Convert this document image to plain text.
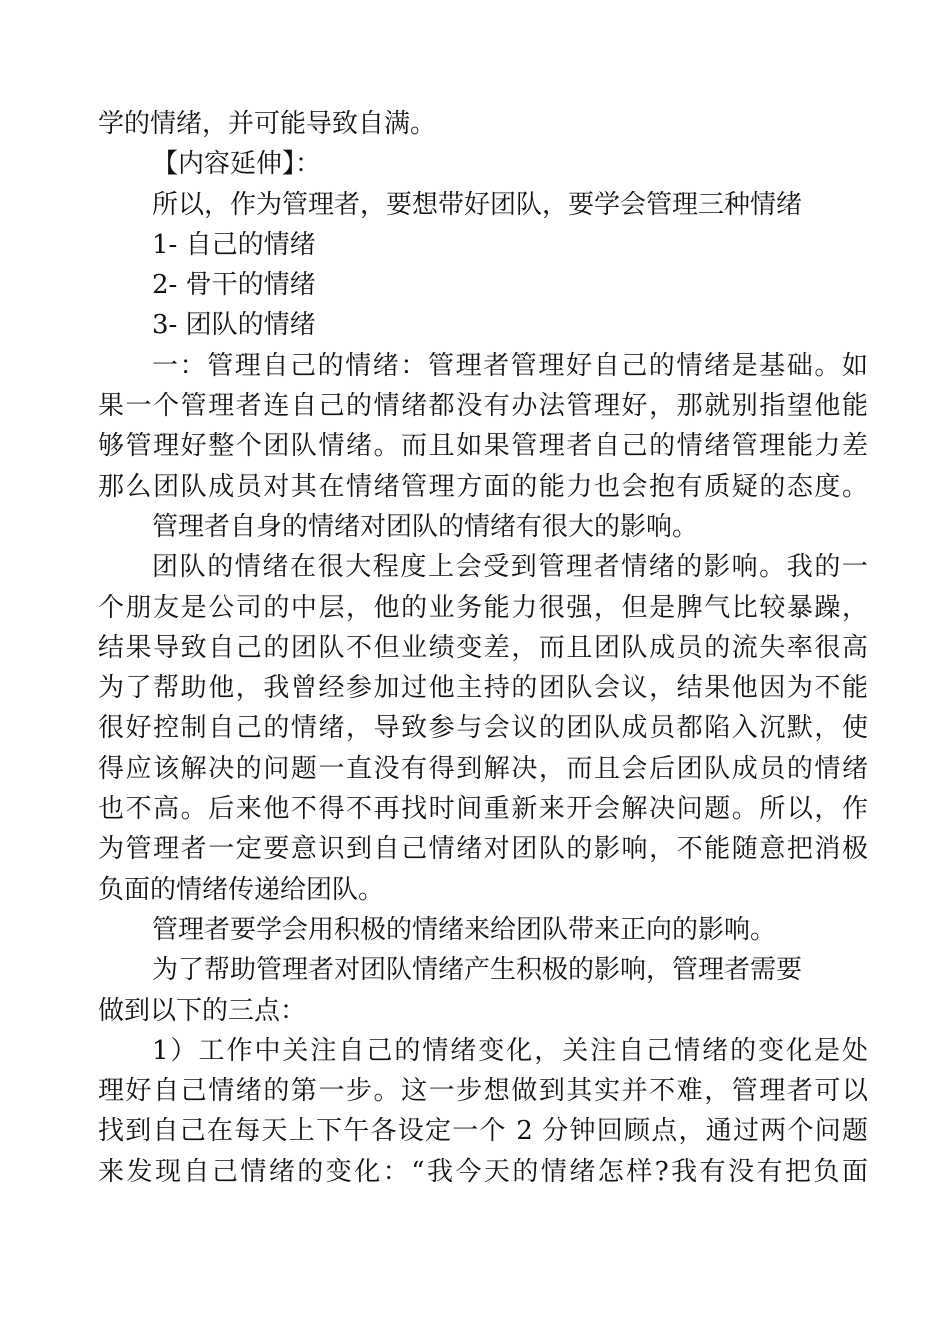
学的情绪，并可能导致自满。
【内容延伸】：
所以，作为管理者，要想带好团队，要学会管理三种情绪
1- 自己的情绪
2- 骨干的情绪
3- 团队的情绪
一：管理自己的情绪：管理者管理好自己的情绪是基础。如
果一个管理者连自己的情绪都没有办法管理好，那就别指望他能
够管理好整个团队情绪。而且如果管理者自己的情绪管理能力差
那么团队成员对其在情绪管理方面的能力也会抱有质疑的态度。
管理者自身的情绪对团队的情绪有很大的影响。
团队的情绪在很大程度上会受到管理者情绪的影响。我的一
个朋友是公司的中层，他的业务能力很强，但是脾气比较暴躁，
结果导致自己的团队不但业绩变差，而且团队成员的流失率很高
为了帮助他，我曾经参加过他主持的团队会议，结果他因为不能
很好控制自己的情绪，导致参与会议的团队成员都陷入沉默，使
得应该解决的问题一直没有得到解决，而且会后团队成员的情绪
也不高。后来他不得不再找时间重新来开会解决问题。所以，作
为管理者一定要意识到自己情绪对团队的影响，不能随意把消极
负面的情绪传递给团队。
管理者要学会用积极的情绪来给团队带来正向的影响。
为了帮助管理者对团队情绪产生积极的影响，管理者需要
做到以下的三点：
1）工作中关注自己的情绪变化，关注自己情绪的变化是处
理好自己情绪的第一步。这一步想做到其实并不难，管理者可以
找到自己在每天上下午各设定一个 2 分钟回顾点，通过两个问题
来发现自己情绪的变化：“我今天的情绪怎样?我有没有把负面
